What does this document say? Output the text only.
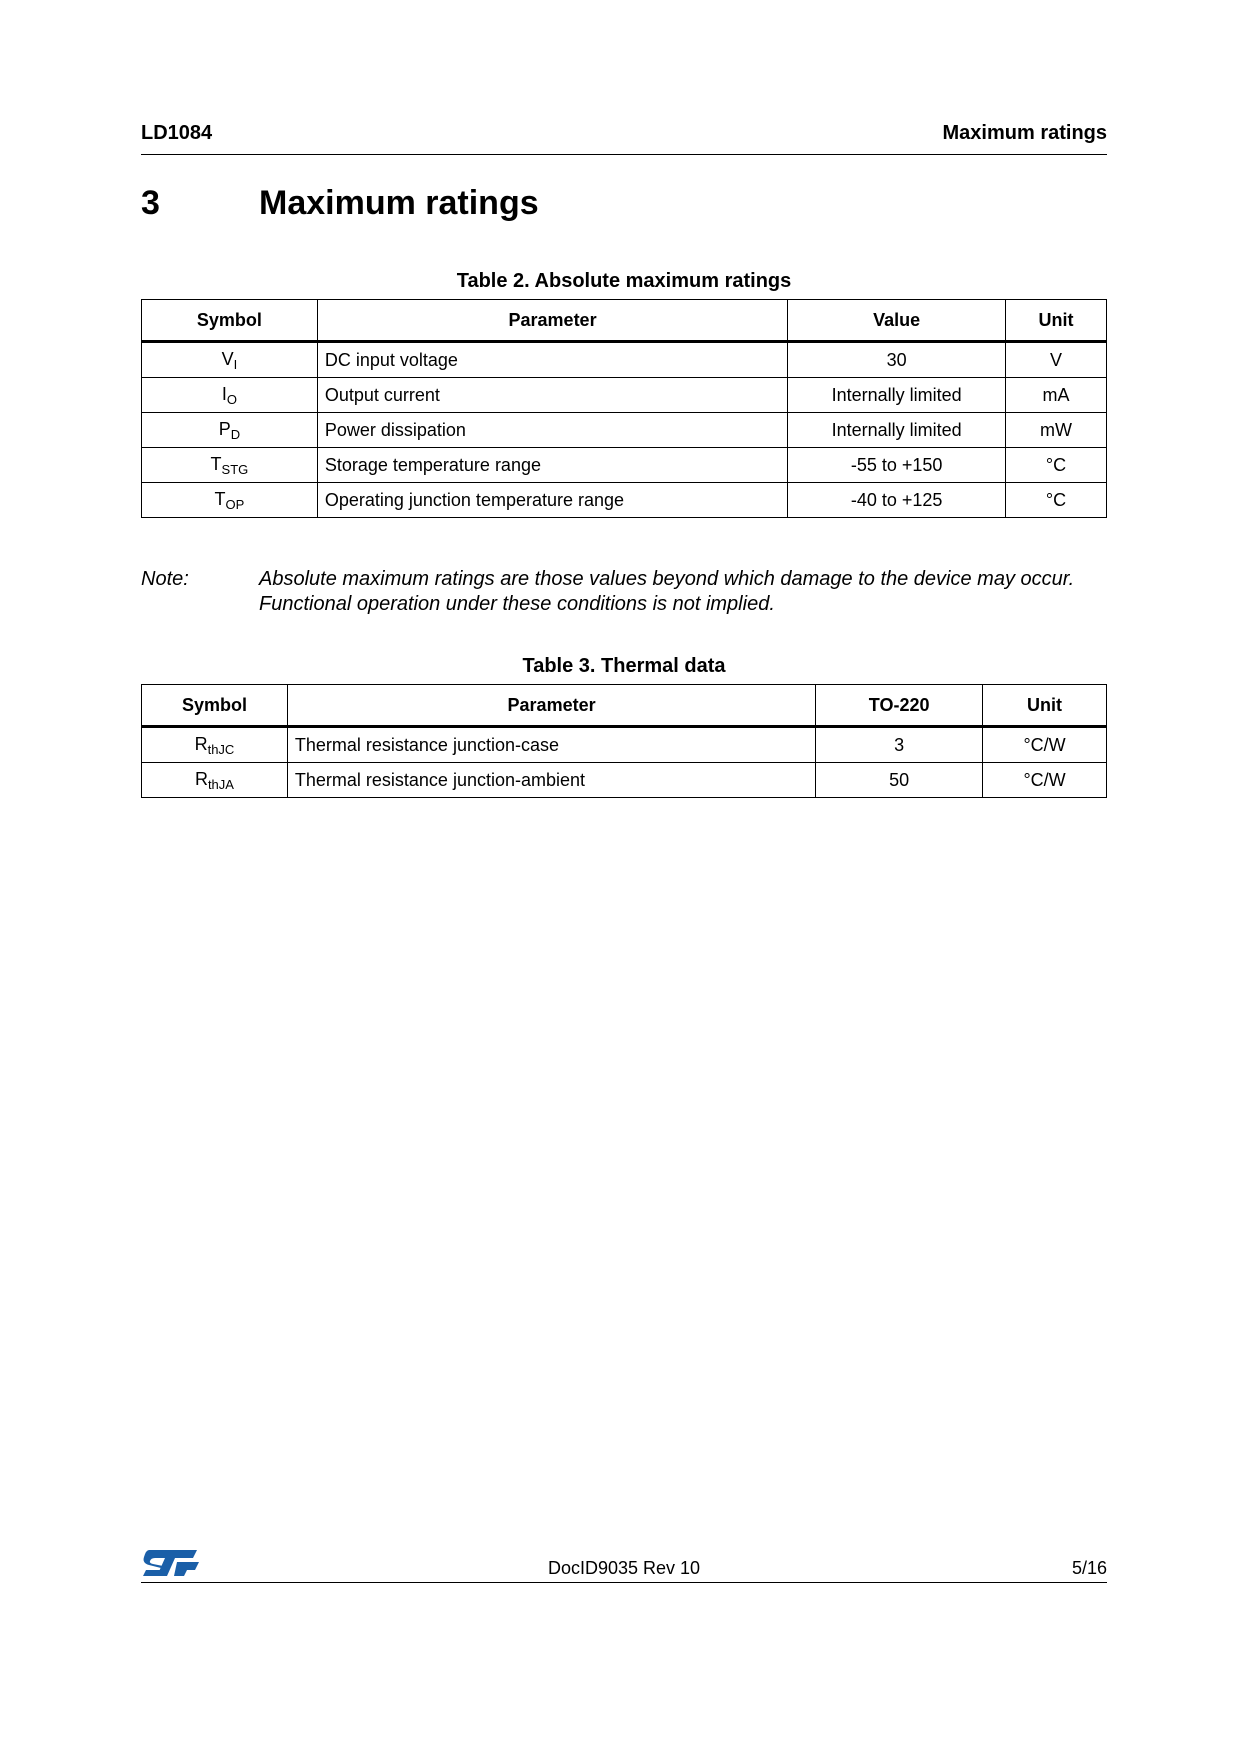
LD1084	Maximum ratings
3	Maximum ratings
Table 2. Absolute maximum ratings
Symbol	Parameter	Value	Unit
$V_I$	DC input voltage	30	V
$I_O$	Output current	Internally limited	mA
$P_D$	Power dissipation	Internally limited	mW
$T_{STG}$	Storage temperature range	-55 to +150	°C
$T_{OP}$	Operating junction temperature range	-40 to +125	°C
Note:	Absolute maximum ratings are those values beyond which damage to the device may occur.
Functional operation under these conditions is not implied.
Table 3. Thermal data
Symbol	Parameter	TO-220	Unit
$R_{thJC}$	Thermal resistance junction-case	3	°C/W
$R_{thJA}$	Thermal resistance junction-ambient	50	°C/W
DocID9035 Rev 10	5/16
